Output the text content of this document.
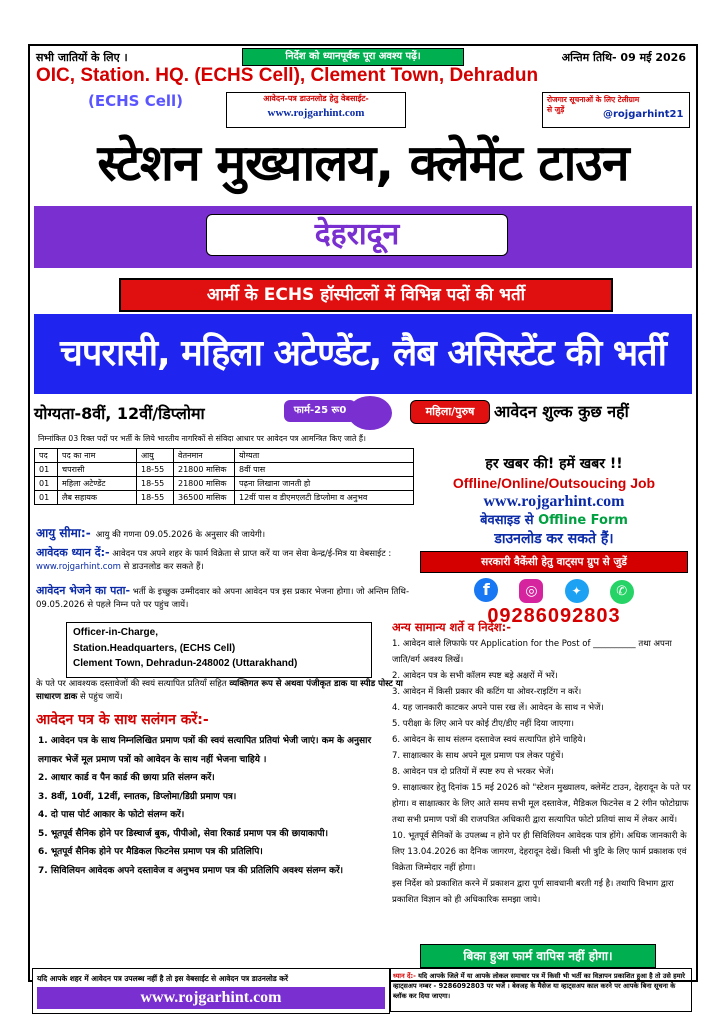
सभी जातियों के लिए ।	निर्देश को ध्यानपूर्वक पूरा अवश्य पढ़ें।	अन्तिम तिथि- 09 मई 2026
OIC, Station. HQ. (ECHS Cell), Clement Town, Dehradun
(ECHS Cell)	आवेदन-पत्र डाउनलोड हेतु वेबसाईट-
www.rojgarhint.com
रोजगार सूचनाओं के लिए टेलीग्राम से जुड़ें	@rojgarhint21
स्टेशन मुख्यालय, क्लेमेंट टाउन
देहरादून
आर्मी के ECHS हॉस्पीटलों में विभिन्न पदों की भर्ती
चपरासी, महिला अटेण्डेंट, लैब असिस्टेंट की भर्ती
योग्यता-8वीं, 12वीं/डिप्लोमा	फार्म-25 रू0	महिला/पुरुष	आवेदन शुल्क कुछ नहीं
निम्नांकित 03 रिक्त पदों पर भर्ती के लिये भारतीय नागरिकों से संविदा आधार पर आवेदन पत्र आमन्त्रित किए जाते हैं।
पद	पद का नाम	आयु	वेतनमान	योग्यता
01	चपरासी	18-55	21800 मासिक	8वीं पास
01	महिला अटेण्डेंट	18-55	21800 मासिक	पढ़ना लिखाना जानती हो
01	लैब सहायक	18-55	36500 मासिक	12वीं पास व डीएमएलटी डिप्लोमा व अनुभव
हर खबर की! हमें खबर !!
Offline/Online/Outsoucing Job
www.rojgarhint.com
बेवसाइड से Offline Form
डाउनलोड कर सकते हैं।
सरकारी वैकेंसी हेतु वाट्सप ग्रुप से जुडें
f	◎	✦	✆
09286092803
आयु सीमा:- आयु की गणना 09.05.2026 के अनुसार की जायेगी।
आवेदक ध्यान दें:- आवेदन पत्र अपने शहर के फार्म विक्रेता से प्राप्त करें या जन सेवा केन्द्र/ई-मित्र या वेबसाईट : www.rojgarhint.com से डाउनलोड कर सकते हैं।
आवेदन भेजने का पता- भर्ती के इच्छुक उम्मीदवार को अपना आवेदन पत्र इस प्रकार भेजना होगा। जो अन्तिम तिथि- 09.05.2026 से पहले निम्न पते पर पहुंच जायें।
Officer-in-Charge,
Station.Headquarters, (ECHS Cell)
Clement Town, Dehradun-248002 (Uttarakhand)
के पते पर आवश्यक दस्तावेजों की स्वयं सत्यापित प्रतियाँ सहित व्यक्तिगत रूप से अथवा पंजीकृत डाक या स्पीड पोस्ट या साधारण डाक से पहुंच जायें।
आवेदन पत्र के साथ सलंगन करें:-
1. आवेदन पत्र के साथ निम्नलिखित प्रमाण पत्रों की स्वयं सत्यापित प्रतियां भेजी जाएं। कम के अनुसार लगाकर भेजें मूल प्रमाण पत्रों को आवेदन के साथ नहीं भेजना चाहिये ।
2. आधार कार्ड व पैन कार्ड की छाया प्रति संलग्न करें।
3. 8वीं, 10वीं, 12वीं, स्नातक, डिप्लोमा/डिग्री प्रमाण पत्र।
4. दो पास पोर्ट आकार के फोटो संलग्न करें।
5. भूतपूर्व सैनिक होने पर डिस्चार्ज बुक, पीपीओ, सेवा रिकार्ड प्रमाण पत्र की छायाकापी।
6. भूतपूर्व सैनिक होने पर मैडिकल फिटनेस प्रमाण पत्र की प्रतिलिपि।
7. सिविलियन आवेदक अपने दस्तावेज व अनुभव प्रमाण पत्र की प्रतिलिपि अवश्य संलग्न करें।
अन्य सामान्य शर्ते व निर्देश:-
1. आवेदन वाले लिफाफे पर Application for the Post of __________ तथा अपना जाति/वर्ग अवश्य लिखें।
2. आवेदन पत्र के सभी कॉलम स्पष्ट बड़े अक्षरों में भरें।
3. आवेदन में किसी प्रकार की कटिंग या ओवर-राइटिंग न करें।
4. यह जानकारी काटकर अपने पास रख लें। आवेदन के साथ न भेजें।
5. परीक्षा के लिए आने पर कोई टीए/डीए नहीं दिया जाएगा।
6. आवेदन के साथ संलग्न दस्तावेज स्वयं सत्यापित होने चाहिये।
7. साक्षात्कार के साथ अपने मूल प्रमाण पत्र लेकर पहुंचें।
8. आवेदन पत्र दो प्रतियों में स्पष्ट रुप से भरकर भेजें।
9. साक्षात्कार हेतु दिनांक 15 मई 2026 को "स्टेशन मुख्यालय, क्लेमेंट टाउन, देहरादून के पते पर होगा। व साक्षात्कार के लिए आते समय सभी मूल दस्तावेज, मैडिकल फिटनेस व 2 रंगीन फोटोग्राफ तथा सभी प्रमाण पत्रों की राजपत्रित अधिकारी द्वारा सत्यापित फोटो प्रतियां साथ में लेकर आयें।
10. भूतपूर्व सैनिकों के उपलब्ध न होने पर ही सिविलियन आवेदक पात्र होंगे। अधिक जानकारी के लिए 13.04.2026 का दैनिक जागरण, देहरादून देखें। किसी भी त्रुटि के लिए फार्म प्रकाशक एवं विक्रेता जिम्मेदार नहीं होगा।
इस निर्देश को प्रकाशित करने में प्रकाशन द्वारा पूर्ण सावधानी बरती गई है। तथापि विभाग द्वारा प्रकाशित विज्ञान को ही अधिकारिक समझा जाये।
बिका हुआ फार्म वापिस नहीं होगा।
यदि आपके शहर में आवेदन पत्र उपलब्ध नहीं है तो इस वेबसाईट से आवेदन पत्र डाउनलोड करें
www.rojgarhint.com
ध्यान दें:- यदि आपके जिले में या आपके लोकल समाचार पत्र में किसी भी भर्ती का विज्ञापन प्रकाशित हुआ है तो उसे हमारे व्हाट्सअप नम्बर - 9286092803 पर भजें । बेवजह के मैसेज या व्हाट्सअप काल करने पर आपके बिना सूचना के ब्लॉक कर दिया जाएगा।
